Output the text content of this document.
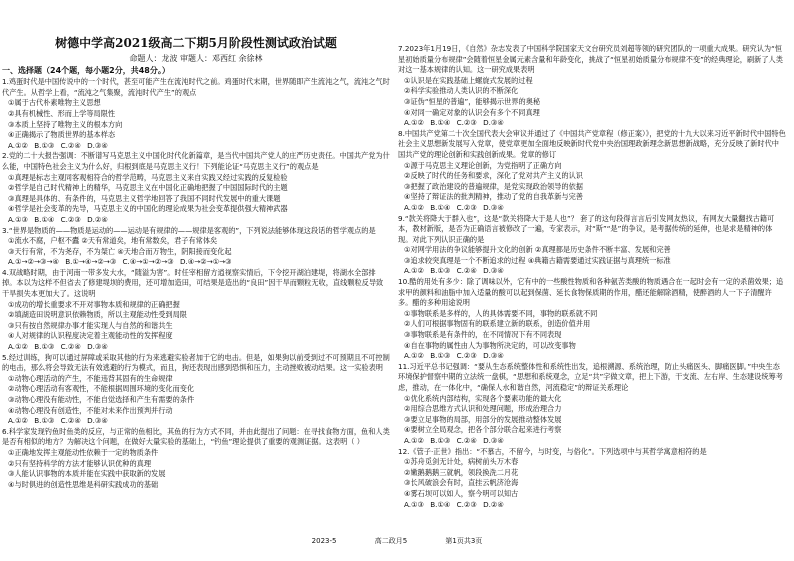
树德中学高2021级高二下期5月阶段性测试政治试题
命题人：龙波 审题人：邓西红 余徐林
一、选择题（24个题，每小题2分，共48分。）
1.鸡蛋时代是中国传说中的一个时代，甚至可能产生在流沌时代之前。鸡蛋时代末期，世界随即产生流沌之气，流沌之气时代产生。从哲学上看，“流沌之气集聚，流沌时代产生”的观点
①属于古代朴素唯物主义思想
②具有机械性、形而上学等局限性
③本质上坚持了唯物主义的根本方向
④正确揭示了物质世界的基本样态
A.①② B.①③ C.②④ D.③④
2.党的二十大报告强调：不断谱写马克思主义中国化时代化新篇章，是当代中国共产党人的庄严历史责任。中国共产党为什么能，中国特色社会主义为什么好，归根到底是马克思主义行！下列能论证“马克思主义行”的观点是
①真理是标志主观同客观相符合的哲学范畴，马克思主义来自实践又经过实践的反复检验
②哲学是自己时代精神上的精华，马克思主义在中国化正确地把握了中国国际时代的主题
③真理是具体的、有条件的，马克思主义哲学地回答了我国不同时代发展中的重大课题
④哲学是社会变革的先导，马克思主义的中国化的理论成果为社会变革提供强大精神武器
A.①③ B.①④ C.②③ D.②④
3.“世界是物质的——物质是运动的——运动是有规律的——规律是客观的”，下列说法能够体现这段话的哲学观点的是
①流水不腐，户枢不蠹 ②天有常道矣，地有常数矣，君子有常体矣
③天行有常，不为尧存，不为桀亡 ④天地合而万物生，阴阳接而变化起
A.①→②→③→④ B.①→④→②→③ C.④→①→②→③ D.④→②→①→③
4.双战略时期，由于河南一带多发大水，“随溢为害”。时任宰相留方逍视察实情后，下令挖开湖泊建堤，将湖水全部排掉。本以为这样不但省去了修建堤坝的费用，还可增加造田，可结果是造出的“良田”因干旱而颗粒无收，直线颗粒反导致干旱损失本更加大了。这说明
①成功的增长重要求不开对事物本质和规律的正确把握
②填湖造田说明意识依赖物质，所以主观能动性受到局限
③只有按自然规律办事才能实现人与自然的和谐共生
④人对规律的认识程度决定着主观能动性的发挥程度
A.①② B.①③ C.②④ D.③④
5.经过训练，狗可以通过屏障或采取其他的行为来逃避实验者加于它的电击。但是，如果狗以前受到过不可预期且不可控制的电击，那么将会导致无法有效逃避的行为模式，而且，狗还表现出感到恐惧和压力，主动挫败被动结果。这一实验表明
①动物心理活动的产生，不能违背其固有的生命规律
②动物心理活动有客观性，不能根据周围环境的变化而变化
③动物心理没有能动性，不能自觉选择和产生有需要的条件
④动物心理没有创造性，不能对未来作出预判并行动
A.①② B.①③ C.②④ D.③④
6.科学家发现钓鱼时鱼类的反应，与正常的鱼相比，其鱼的行为方式不同，并由此提出了问题：在寻找食物方面，鱼和人类是否有相似的地方？为解决这个问题，在做好大量实验的基础上，“钓鱼”理论提供了重要的观测证据。这表明（ ）
①正确地发挥主观能动性依赖于一定的物质条件
②只有坚持科学的方法才能够认识优种的真理
③人能认识事物的本质并能在实践中获取新的发展
④与时俱进的创造性思维是科研实践成功的基础
7.2023年1月19日，《自然》杂志发表了中国科学院国家天文台研究员刘超等领的研究团队的一项重大成果。研究认为“恒星初始质量分布规律”会随着恒星金属元素含量和年龄变化，挑战了“恒星初始质量分布规律不变”的经典理论，刷新了人类对这一基本规律的认知。这一研究成果表明
①认识是在实践基础上螺旋式发展的过程
②科学实验推动人类认识的不断深化
③证伪“恒星的普遍”，能够揭示世界的奥秘
④对同一确定对象的认识会有多个不同真理
A.①② B.①④ C.②③ D.③④
8.中国共产党第二十次全国代表大会审议并通过了《中国共产党章程（修正案）》，把党的十九大以来习近平新时代中国特色社会主义思想新发展写入党章，使党章更加全面地反映新时代党中央治国理政新理念新思想新战略，充分反映了新时代中国共产党的理论创新和实践创新成果。党章的修订
①源于马克思主义理论创新，为党指明了正确方向
②反映了时代的任务和要求，深化了党对共产主义的认识
③把握了政治建设的普遍规律，是党实现政治领导的依据
④坚持了辩证法的批判精神，推动了党的自我革新与完善
A.①② B.①④ C.②③ D.③④
9.“款关将降大于群入也”，这是“款关将降大于是人也”？ 套了的这句段得言言后引发网友热议，有网友大量翻找古籍可本，教材新版，是否为正确语言被修改了一遍，专家表示，对“斯”“是”的争议，是考据传统的延伸，也是求是精神的体现。对此下列认识正确的是
①对网学用法的争议能够提升文化的创新 ②真理都是历史条件不断丰富、发展和完善
③追求较突真理是一个不断追求的过程 ④典籍古籍需要通过实践证据与真理统一标准
A.①② B.①③ C.②④ D.③④
10.酷的用处有多少：除了调味以外，它有中的一些酸性物质和各种氨苦类酸的物质遇合在一起时会有一定的杀菌效果；追求甲的颜料和油脂中加入适量的酸可以起到保菌、延长食物保质期的作用，醋还能解除酒精，使醉酒的人一下子清醒许多。醋的多种用途说明
①事物联系是多样的，人的具体需要不同，事物的联系就不同
②人们可根据事物固有的联系建立新的联系，创造价值并用
③事物联系是有条件的，在不同情况下有不同表现
④自在事物的属性由人为事物所决定的，可以改变事物
A.①② B.①③ C.②③ D.③④
11.习近平总书记强调：“要从生态系统整体性和系统性出发，追根溯源、系统治理，防止头痛医头、脚痛医脚。”中央生态环境保护督察中期的立法统一盘棋，“思想和系统观念，立足“共”字做文章，把上下游，干支流、左右岸、生态建设统筹考虑，推动，在一体化中，“确保人水和谐自然，河流稳定”的辩证关系理论
①优化系统内部结构，实现各个要素功能的最大化
②用综合思维方式认识和处理问题，形成治理合力
③要立足事物的局部，用部分的发展推动整体发展
④要树立全局观念，把各个部分联合起来进行考察
A.①② B.①③ C.②④ D.③④
12.《管子·正世》指出：“不慕古，不留今，与时变，与俗化”。下列选项中与其哲学寓意相符的是
①苏舟觅剑无计处，病树前头万木春
②嫩鹅鹅鹅三就帆，领段换洗二月花
③长风破浪会有时，直挂云帆济沧海
④雾石坝可以如人，察今明可以知古
A.①③ B.①④ C.②③ D.②④
2023-5	高二政月5	第1页共3页
